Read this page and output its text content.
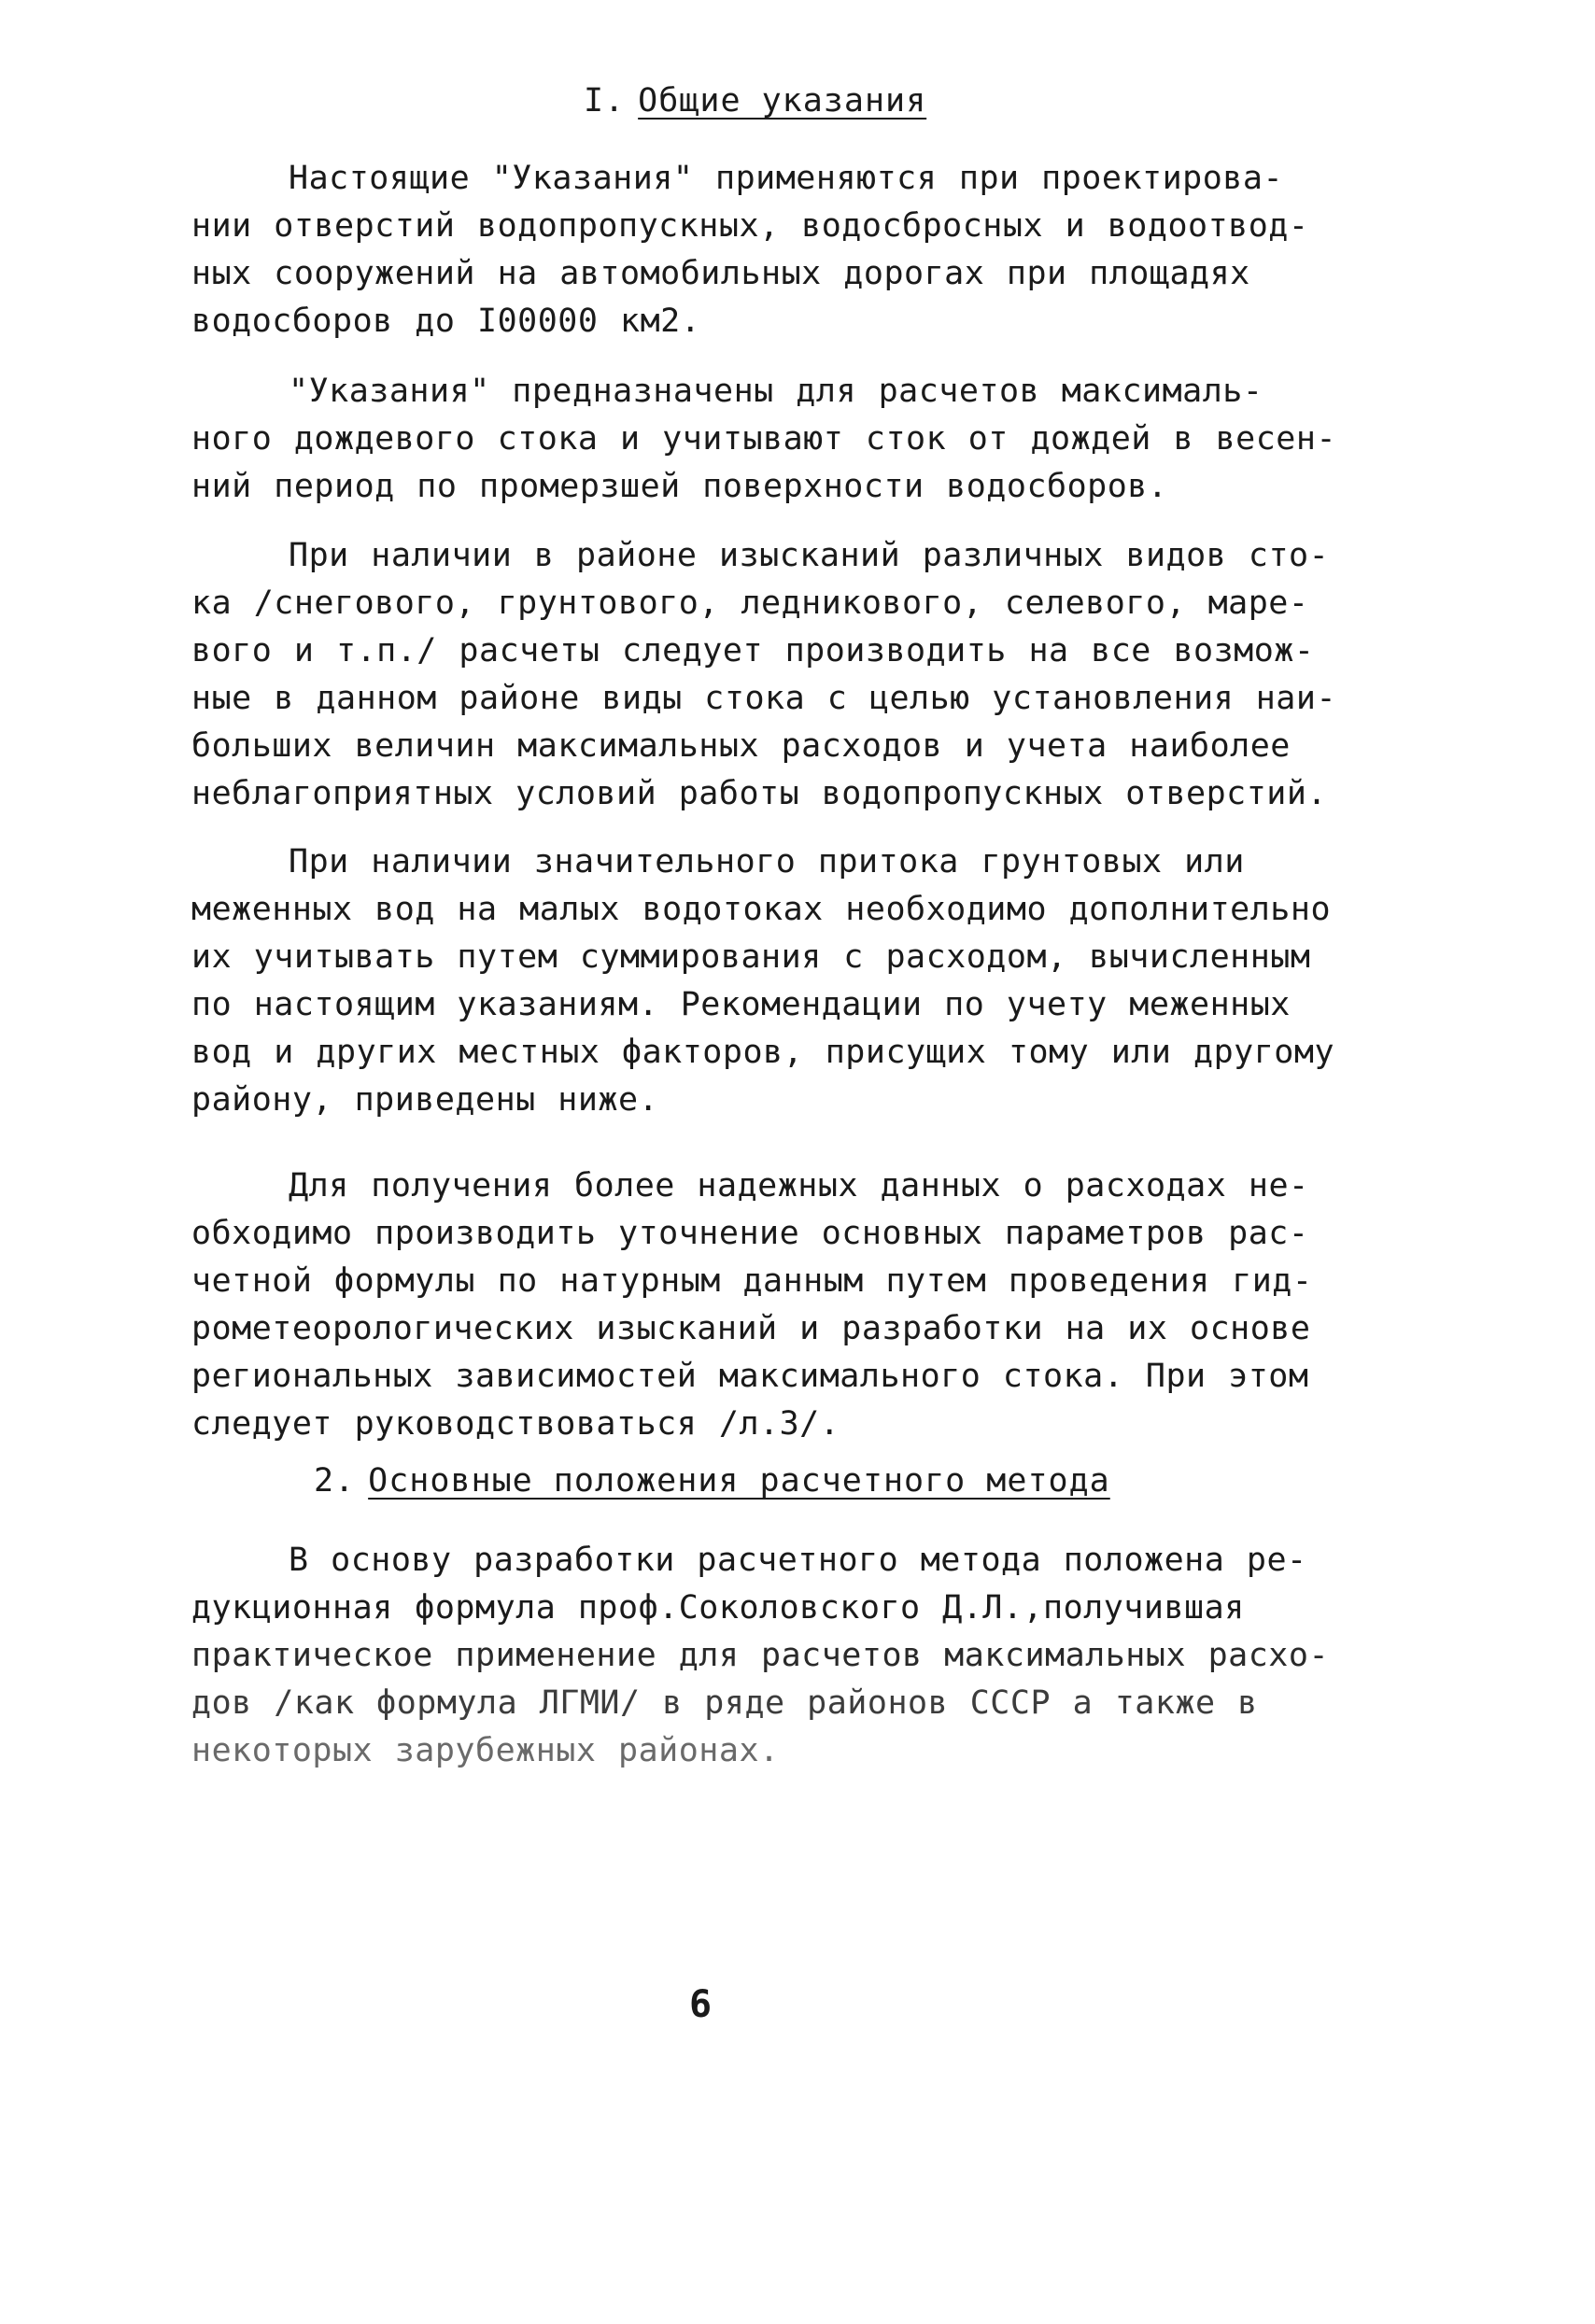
I. Общие указания
Настоящие "Указания" применяются при проектирова-
нии отверстий водопропускных, водосбросных и водоотвод-
ных сооружений на автомобильных дорогах при площадях
водосборов до I00000 км2.
"Указания" предназначены для расчетов максималь-
ного дождевого стока и учитывают сток от дождей в весен-
ний период по промерзшей поверхности водосборов.
При наличии в районе изысканий различных видов сто-
ка /снегового, грунтового, ледникового, селевого, маре-
вого и т.п./ расчеты следует производить на все возмож-
ные в данном районе виды стока с целью установления наи-
больших величин максимальных расходов и учета наиболее
неблагоприятных условий работы водопропускных отверстий.
При наличии значительного притока грунтовых или
меженных вод на малых водотоках необходимо дополнительно
их учитывать путем суммирования с расходом, вычисленным
по настоящим указаниям. Рекомендации по учету меженных
вод и других местных факторов, присущих тому или другому
району, приведены ниже.
Для получения более надежных данных о расходах не-
обходимо производить уточнение основных параметров рас-
четной формулы по натурным данным путем проведения гид-
рометеорологических изысканий и разработки на их основе
региональных зависимостей максимального стока. При этом
следует руководствоваться /л.3/.
2. Основные положения расчетного метода
В основу разработки расчетного метода положена ре-
дукционная формула проф.Соколовского Д.Л.,получившая
практическое применение для расчетов максимальных расхо-
дов /как формула ЛГМИ/ в ряде районов СССР а также в
некоторых зарубежных районах.
6
